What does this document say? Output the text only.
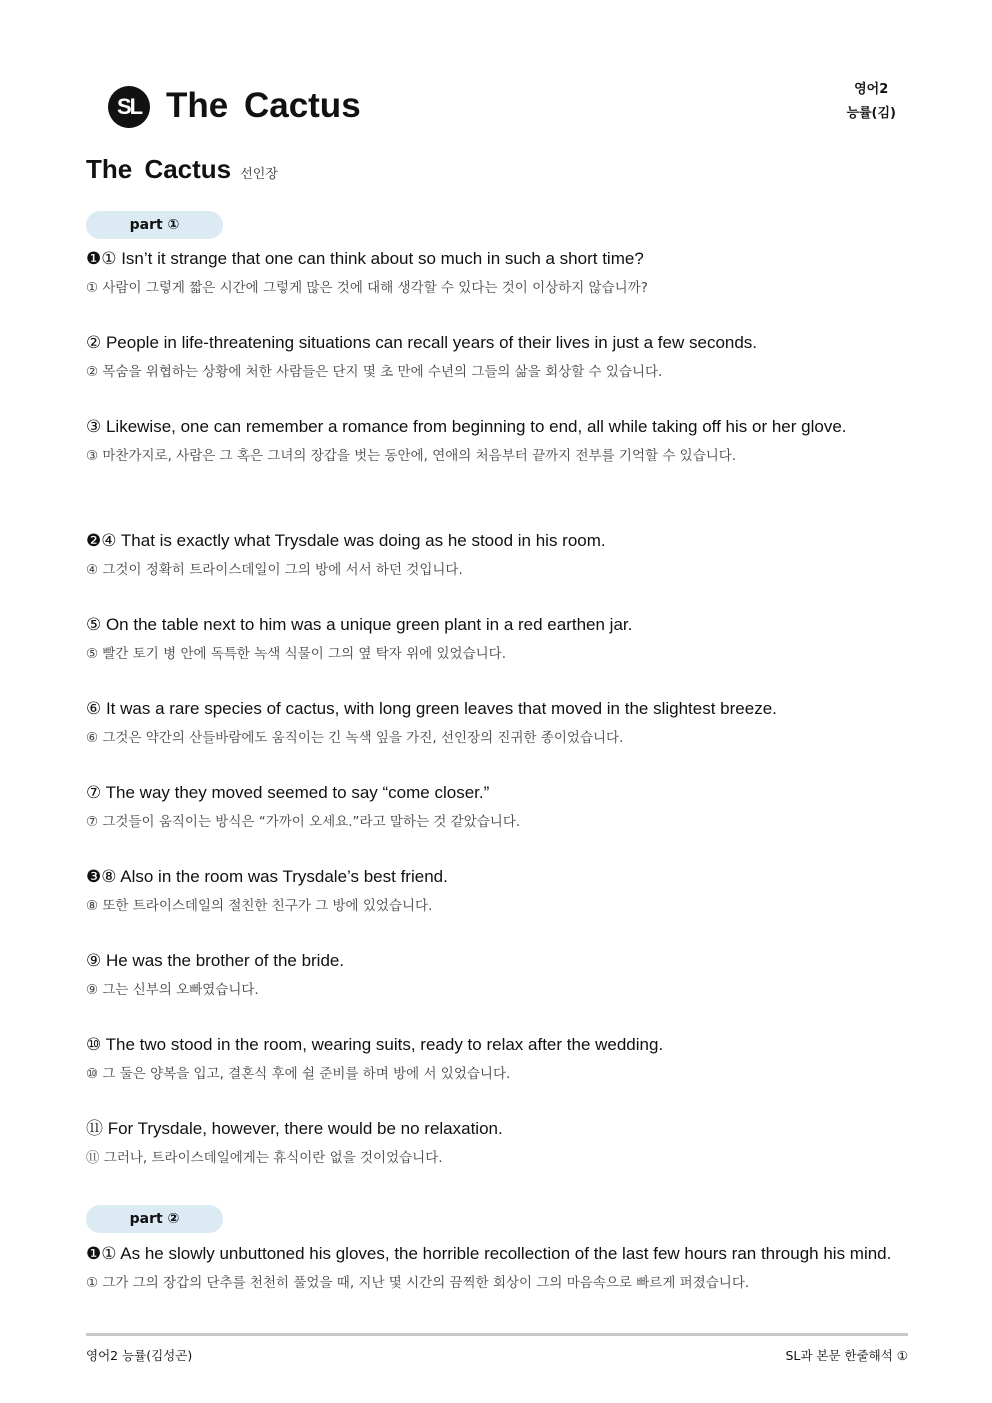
SL The Cactus	영어2
능률(김)
The Cactus 선인장
part ①

❶① Isn’t it strange that one can think about so much in such a short time?

① 사람이 그렇게 짧은 시간에 그렇게 많은 것에 대해 생각할 수 있다는 것이 이상하지 않습니까?

② People in life-threatening situations can recall years of their lives in just a few seconds.

② 목숨을 위협하는 상황에 처한 사람들은 단지 몇 초 만에 수년의 그들의 삶을 회상할 수 있습니다.

③ Likewise, one can remember a romance from beginning to end, all while taking off his or her glove.

③ 마찬가지로, 사람은 그 혹은 그녀의 장갑을 벗는 동안에, 연애의 처음부터 끝까지 전부를 기억할 수 있습니다.

❷④ That is exactly what Trysdale was doing as he stood in his room.

④ 그것이 정확히 트라이스데일이 그의 방에 서서 하던 것입니다.

⑤ On the table next to him was a unique green plant in a red earthen jar.

⑤ 빨간 토기 병 안에 독특한 녹색 식물이 그의 옆 탁자 위에 있었습니다.

⑥ It was a rare species of cactus, with long green leaves that moved in the slightest breeze.

⑥ 그것은 약간의 산들바람에도 움직이는 긴 녹색 잎을 가진, 선인장의 진귀한 종이었습니다.

⑦ The way they moved seemed to say “come closer.”

⑦ 그것들이 움직이는 방식은 “가까이 오세요.”라고 말하는 것 같았습니다.

❸⑧ Also in the room was Trysdale’s best friend.

⑧ 또한 트라이스데일의 절친한 친구가 그 방에 있었습니다.

⑨ He was the brother of the bride.

⑨ 그는 신부의 오빠였습니다.

⑩ The two stood in the room, wearing suits, ready to relax after the wedding.

⑩ 그 둘은 양복을 입고, 결혼식 후에 쉴 준비를 하며 방에 서 있었습니다.

⑪ For Trysdale, however, there would be no relaxation.

⑪ 그러나, 트라이스데일에게는 휴식이란 없을 것이었습니다.
part ②

❶① As he slowly unbuttoned his gloves, the horrible recollection of the last few hours ran through his mind.

① 그가 그의 장갑의 단추를 천천히 풀었을 때, 지난 몇 시간의 끔찍한 회상이 그의 마음속으로 빠르게 퍼졌습니다.
영어2 능률(김성곤)	SL과 본문 한줄해석 ①
